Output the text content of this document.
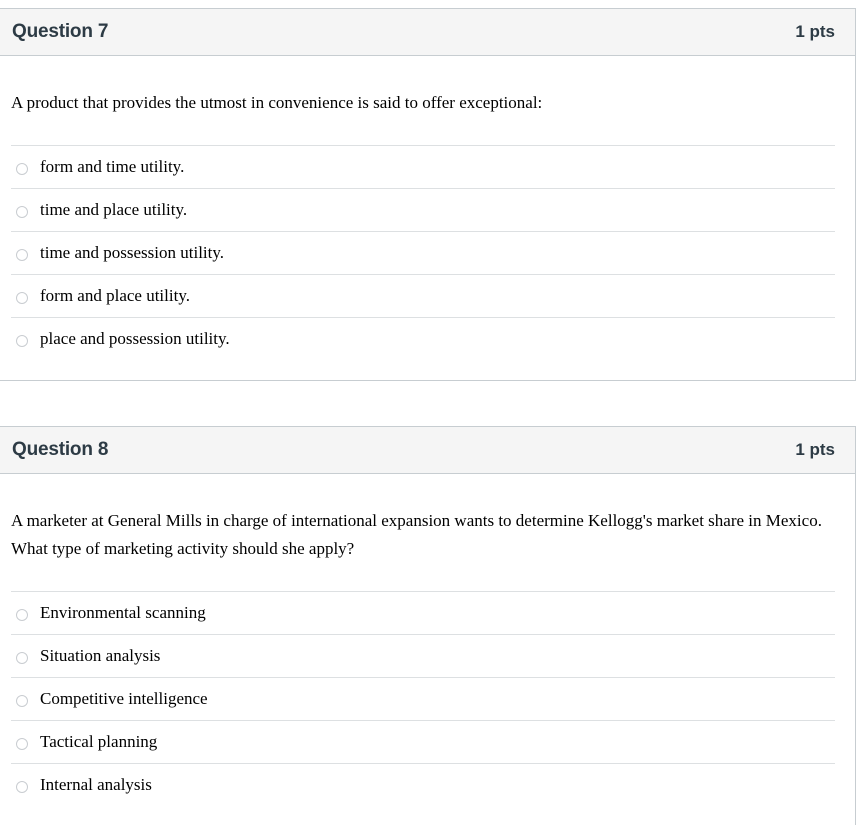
Question 7	1 pts

A product that provides the utmost in convenience is said to offer exceptional:

form and time utility.
time and place utility.
time and possession utility.
form and place utility.
place and possession utility.
Question 8	1 pts

A marketer at General Mills in charge of international expansion wants to determine Kellogg's market share in Mexico. What type of marketing activity should she apply?

Environmental scanning
Situation analysis
Competitive intelligence
Tactical planning
Internal analysis
